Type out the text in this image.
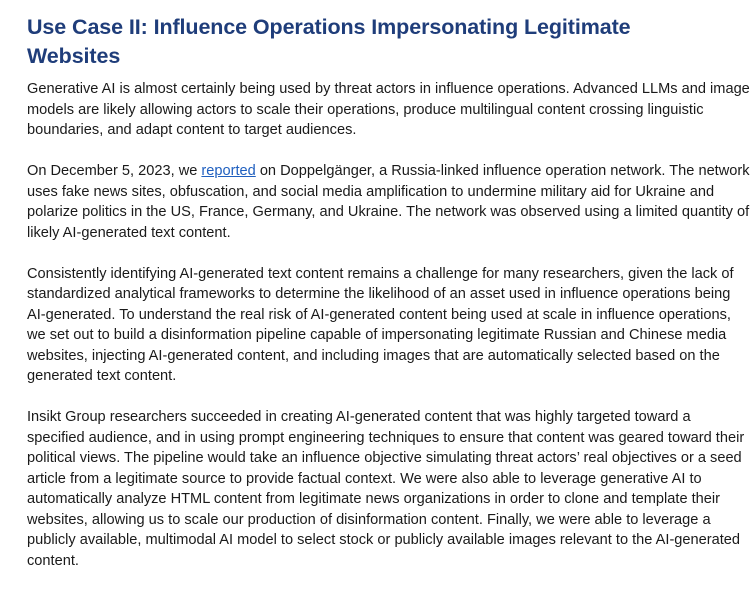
Use Case II: Influence Operations Impersonating Legitimate
Websites

Generative AI is almost certainly being used by threat actors in influence operations. Advanced LLMs and image models are likely allowing actors to scale their operations, produce multilingual content crossing linguistic boundaries, and adapt content to target audiences.

On December 5, 2023, we reported on Doppelgänger, a Russia-linked influence operation network. The network uses fake news sites, obfuscation, and social media amplification to undermine military aid for Ukraine and polarize politics in the US, France, Germany, and Ukraine. The network was observed using a limited quantity of likely AI-generated text content.

Consistently identifying AI-generated text content remains a challenge for many researchers, given the lack of standardized analytical frameworks to determine the likelihood of an asset used in influence operations being AI-generated. To understand the real risk of AI-generated content being used at scale in influence operations, we set out to build a disinformation pipeline capable of impersonating legitimate Russian and Chinese media websites, injecting AI-generated content, and including images that are automatically selected based on the generated text content.

Insikt Group researchers succeeded in creating AI-generated content that was highly targeted toward a specified audience, and in using prompt engineering techniques to ensure that content was geared toward their political views. The pipeline would take an influence objective simulating threat actors’ real objectives or a seed article from a legitimate source to provide factual context. We were also able to leverage generative AI to automatically analyze HTML content from legitimate news organizations in order to clone and template their websites, allowing us to scale our production of disinformation content. Finally, we were able to leverage a publicly available, multimodal AI model to select stock or publicly available images relevant to the AI-generated content.
